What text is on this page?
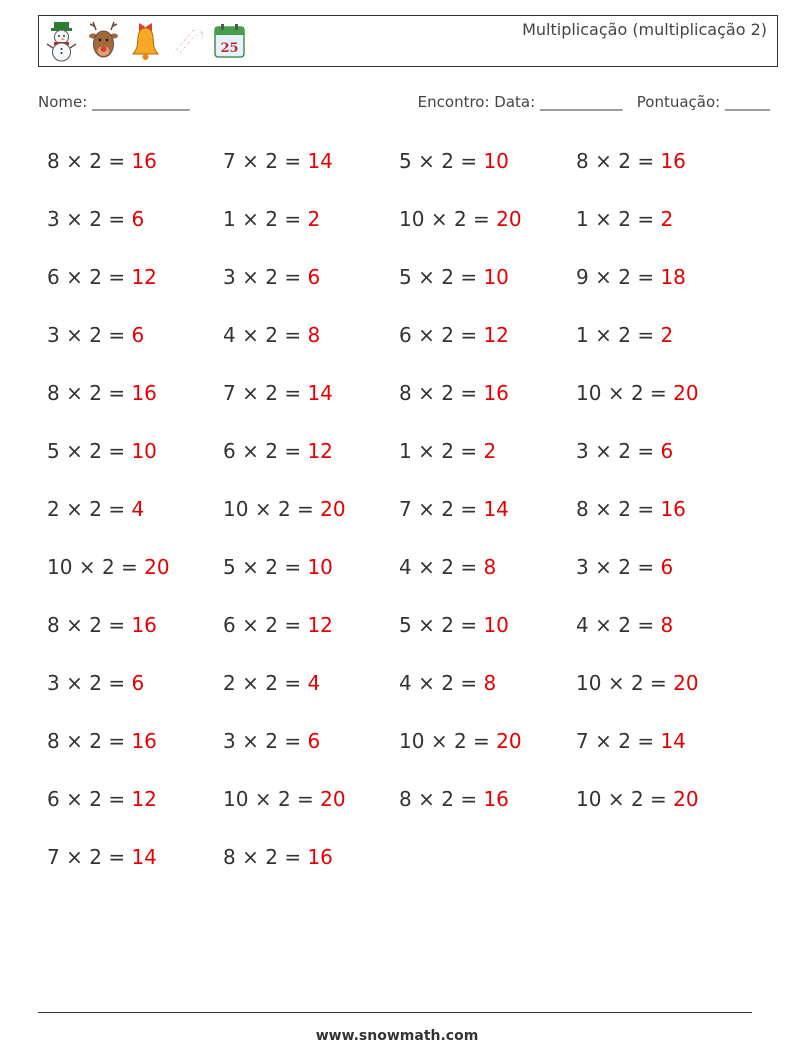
25
Multiplicação (multiplicação 2)
Nome: _____________	Encontro: Data: ___________ Pontuação: ______
8 × 2 = 16	7 × 2 = 14	5 × 2 = 10	8 × 2 = 16
3 × 2 = 6	1 × 2 = 2	10 × 2 = 20	1 × 2 = 2
6 × 2 = 12	3 × 2 = 6	5 × 2 = 10	9 × 2 = 18
3 × 2 = 6	4 × 2 = 8	6 × 2 = 12	1 × 2 = 2
8 × 2 = 16	7 × 2 = 14	8 × 2 = 16	10 × 2 = 20
5 × 2 = 10	6 × 2 = 12	1 × 2 = 2	3 × 2 = 6
2 × 2 = 4	10 × 2 = 20	7 × 2 = 14	8 × 2 = 16
10 × 2 = 20	5 × 2 = 10	4 × 2 = 8	3 × 2 = 6
8 × 2 = 16	6 × 2 = 12	5 × 2 = 10	4 × 2 = 8
3 × 2 = 6	2 × 2 = 4	4 × 2 = 8	10 × 2 = 20
8 × 2 = 16	3 × 2 = 6	10 × 2 = 20	7 × 2 = 14
6 × 2 = 12	10 × 2 = 20	8 × 2 = 16	10 × 2 = 20
7 × 2 = 14	8 × 2 = 16
www.snowmath.com
